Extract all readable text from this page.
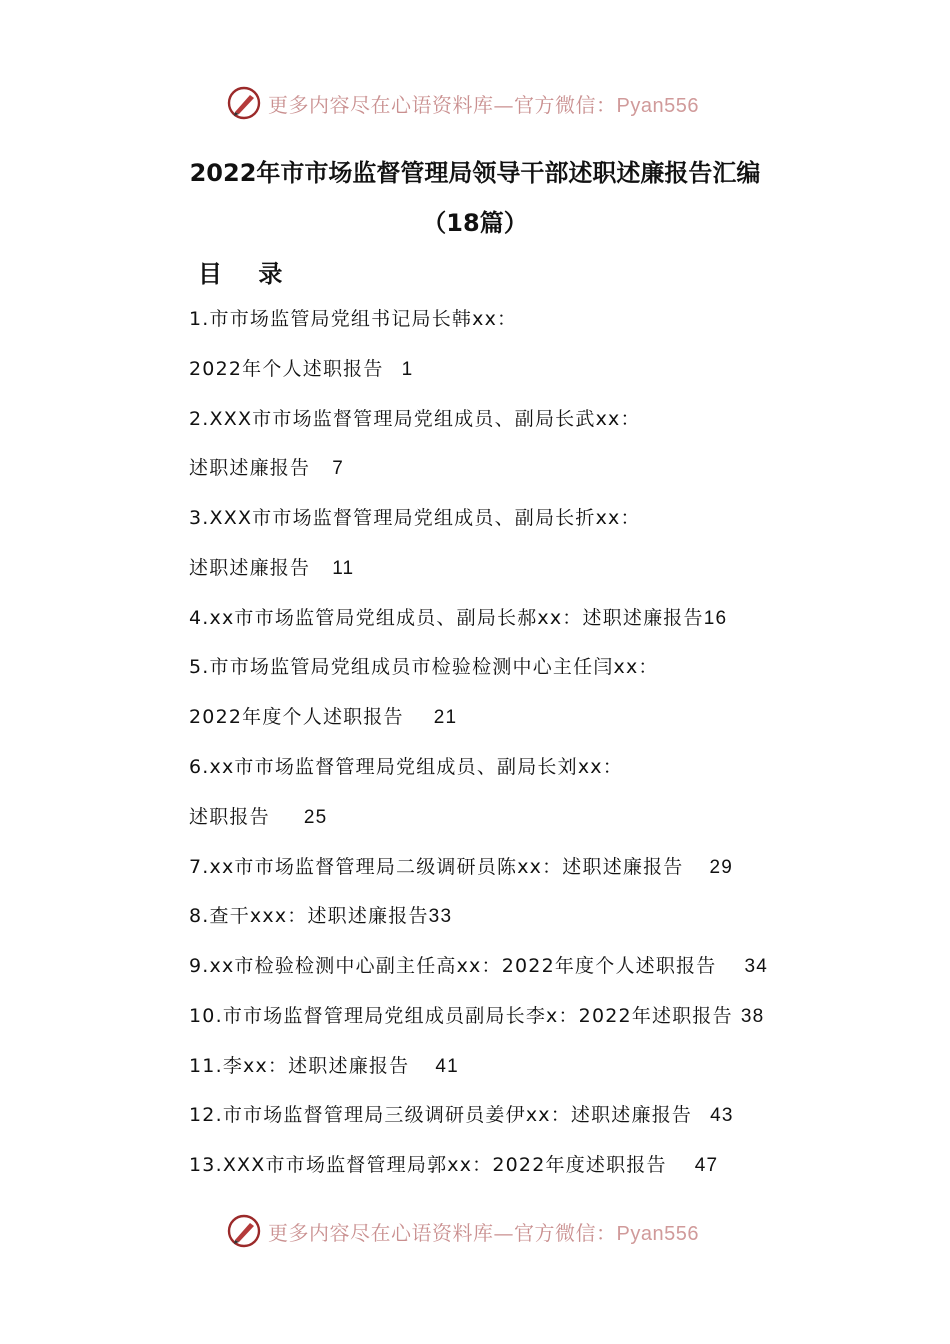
更多内容尽在心语资料库—官方微信：Pyan556
2022年市市场监督管理局领导干部述职述廉报告汇编
（18篇）
目 录
1.市市场监管局党组书记局长韩xx：
2022年个人述职报告 1
2.XXX市市场监督管理局党组成员、副局长武xx：
述职述廉报告 7
3.XXX市市场监督管理局党组成员、副局长折xx：
述职述廉报告 11
4.xx市市场监管局党组成员、副局长郝xx：述职述廉报告16
5.市市场监管局党组成员市检验检测中心主任闫xx：
2022年度个人述职报告 21
6.xx市市场监督管理局党组成员、副局长刘xx：
述职报告 25
7.xx市市场监督管理局二级调研员陈xx：述职述廉报告 29
8.查干xxx：述职述廉报告33
9.xx市检验检测中心副主任高xx：2022年度个人述职报告 34
10.市市场监督管理局党组成员副局长李x：2022年述职报告 38
11.李xx：述职述廉报告 41
12.市市场监督管理局三级调研员姜伊xx：述职述廉报告 43
13.XXX市市场监督管理局郭xx：2022年度述职报告 47
更多内容尽在心语资料库—官方微信：Pyan556
